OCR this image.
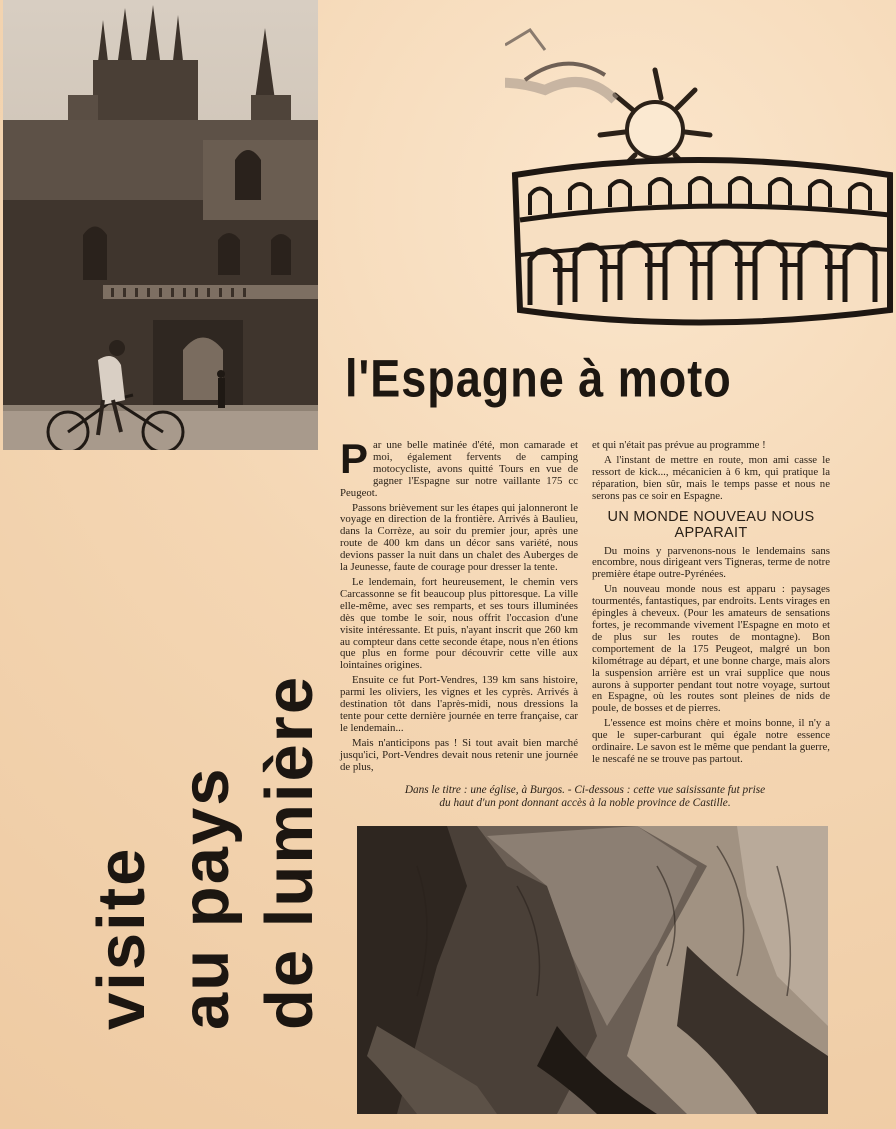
l'Espagne à moto
visite au pays de lumière

Par une belle matinée d'été, mon camarade et moi, également fervents de camping motocycliste, avons quitté Tours en vue de gagner l'Espagne sur notre vaillante 175 cc Peugeot.

Passons brièvement sur les étapes qui jalonneront le voyage en direction de la frontière. Arrivés à Baulieu, dans la Corrèze, au soir du premier jour, après une route de 400 km dans un décor sans variété, nous devions passer la nuit dans un chalet des Auberges de la Jeunesse, faute de courage pour dresser la tente.

Le lendemain, fort heureusement, le chemin vers Carcassonne se fit beaucoup plus pittoresque. La ville elle-même, avec ses remparts, et ses tours illuminées dès que tombe le soir, nous offrit l'occasion d'une visite intéressante. Et puis, n'ayant inscrit que 260 km au compteur dans cette seconde étape, nous n'en étions que plus en forme pour découvrir cette ville aux lointaines origines.

Ensuite ce fut Port-Vendres, 139 km sans histoire, parmi les oliviers, les vignes et les cyprès. Arrivés à destination tôt dans l'après-midi, nous dressions la tente pour cette dernière journée en terre française, car le lendemain...

Mais n'anticipons pas ! Si tout avait bien marché jusqu'ici, Port-Vendres devait nous retenir une journée de plus,

et qui n'était pas prévue au programme !

A l'instant de mettre en route, mon ami casse le ressort de kick..., mécanicien à 6 km, qui pratique la réparation, bien sûr, mais le temps passe et nous ne serons pas ce soir en Espagne.

UN MONDE NOUVEAU NOUS APPARAIT

Du moins y parvenons-nous le lendemains sans encombre, nous dirigeant vers Tigneras, terme de notre première étape outre-Pyrénées.

Un nouveau monde nous est apparu : paysages tourmentés, fantastiques, par endroits. Lents virages en épingles à cheveux. (Pour les amateurs de sensations fortes, je recommande vivement l'Espagne en moto et de plus sur les routes de montagne). Bon comportement de la 175 Peugeot, malgré un bon kilométrage au départ, et une bonne charge, mais alors la suspension arrière est un vrai supplice que nous aurons à supporter pendant tout notre voyage, surtout en Espagne, où les routes sont pleines de nids de poule, de bosses et de pierres.

L'essence est moins chère et moins bonne, il n'y a que le super-carburant qui égale notre essence ordinaire. Le savon est le même que pendant la guerre, le nescafé ne se trouve pas partout.

Dans le titre : une église, à Burgos. - Ci-dessous : cette vue saisissante fut prise du haut d'un pont donnant accès à la noble province de Castille.
